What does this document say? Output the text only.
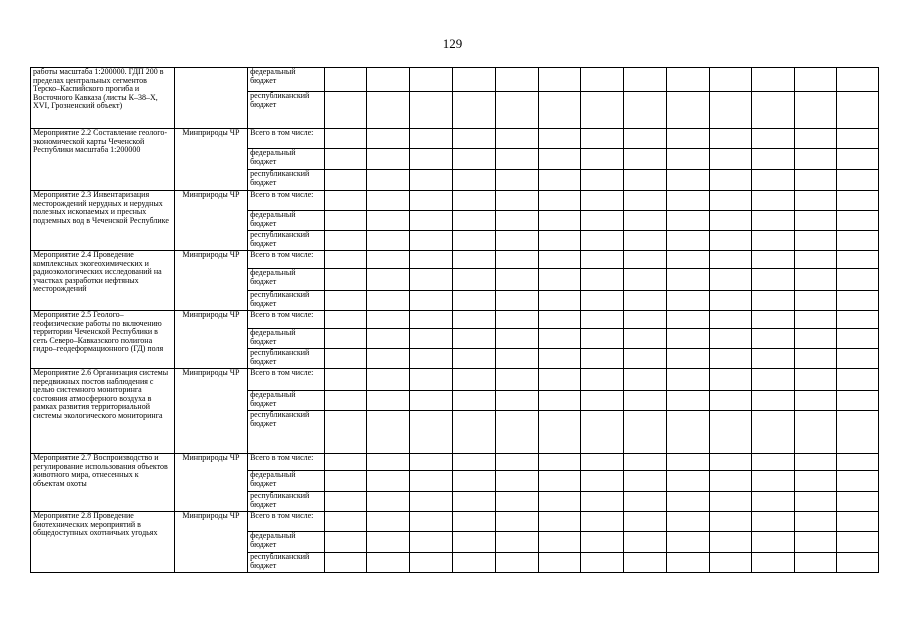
129
работы масштаба 1:200000. ГДП 200 в пределах центральных сегментов Терско–Каспийского прогиба и Восточного Кавказа (листы К–38–Х, XVI, Грозненский объект)		федеральный бюджет													
		республиканский бюджет													
Мероприятие 2.2 Составление геолого-экономической карты Чеченской Республики масштаба 1:200000	Минприроды ЧР	Всего в том числе:													
		федеральный бюджет													
		республиканский бюджет													
Мероприятие 2.3 Инвентаризация месторождений нерудных и нерудных полезных ископаемых и пресных подземных вод в Чеченской Республике	Минприроды ЧР	Всего в том числе:													
		федеральный бюджет													
		республиканский бюджет													
Мероприятие 2.4 Проведение комплексных экогеохимических и радиоэкологических исследований на участках разработки нефтяных месторождений	Минприроды ЧР	Всего в том числе:													
		федеральный бюджет													
		республиканский бюджет													
Мероприятие 2.5 Геолого–геофизические работы по включению территории Чеченской Республики в сеть Северо–Кавказского полигона гидро–геодеформационного (ГД) поля	Минприроды ЧР	Всего в том числе:													
		федеральный бюджет													
		республиканский бюджет													
Мероприятие 2.6 Организация системы передвижных постов наблюдения с целью системного мониторинга состояния атмосферного воздуха в рамках развития территориальной системы экологического мониторинга	Минприроды ЧР	Всего в том числе:													
		федеральный бюджет													
		республиканский бюджет													
Мероприятие 2.7 Воспроизводство и регулирование использования объектов животного мира, отнесенных к объектам охоты	Минприроды ЧР	Всего в том числе:													
		федеральный бюджет													
		республиканский бюджет													
Мероприятие 2.8 Проведение биотехнических мероприятий в общедоступных охотничьих угодьях	Минприроды ЧР	Всего в том числе:													
		федеральный бюджет													
		республиканский бюджет													
